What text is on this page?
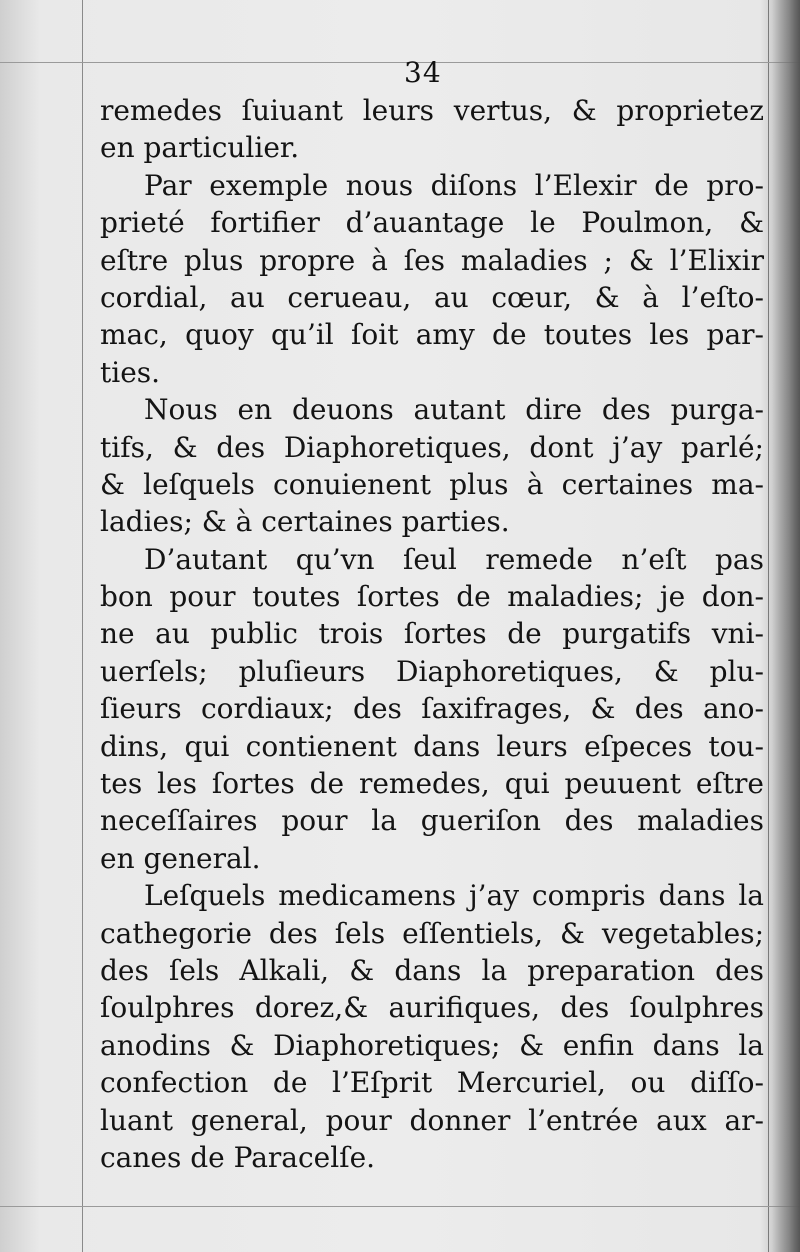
34
remedes ſuiuant leurs vertus, & proprietez
en particulier.
Par exemple nous diſons l’Elexir de pro-
prieté fortifier d’auantage le Poulmon, &
eſtre plus propre à ſes maladies ; & l’Elixir
cordial, au cerueau, au cœur, & à l’eſto-
mac, quoy qu’il ſoit amy de toutes les par-
ties.
Nous en deuons autant dire des purga-
tifs, & des Diaphoretiques, dont j’ay parlé;
& leſquels conuienent plus à certaines ma-
ladies; & à certaines parties.
D’autant qu’vn ſeul remede n’eſt pas
bon pour toutes ſortes de maladies; je don-
ne au public trois ſortes de purgatifs vni-
uerſels; pluſieurs Diaphoretiques, & plu-
ſieurs cordiaux; des ſaxifrages, & des ano-
dins, qui contienent dans leurs eſpeces tou-
tes les ſortes de remedes, qui peuuent eſtre
neceſſaires pour la gueriſon des maladies
en general.
Leſquels medicamens j’ay compris dans la
cathegorie des ſels eſſentiels, & vegetables;
des ſels Alkali, & dans la preparation des
ſoulphres dorez,& aurifiques, des ſoulphres
anodins & Diaphoretiques; & enfin dans la
confection de l’Eſprit Mercuriel, ou diſſo-
luant general, pour donner l’entrée aux ar-
canes de Paracelſe.
